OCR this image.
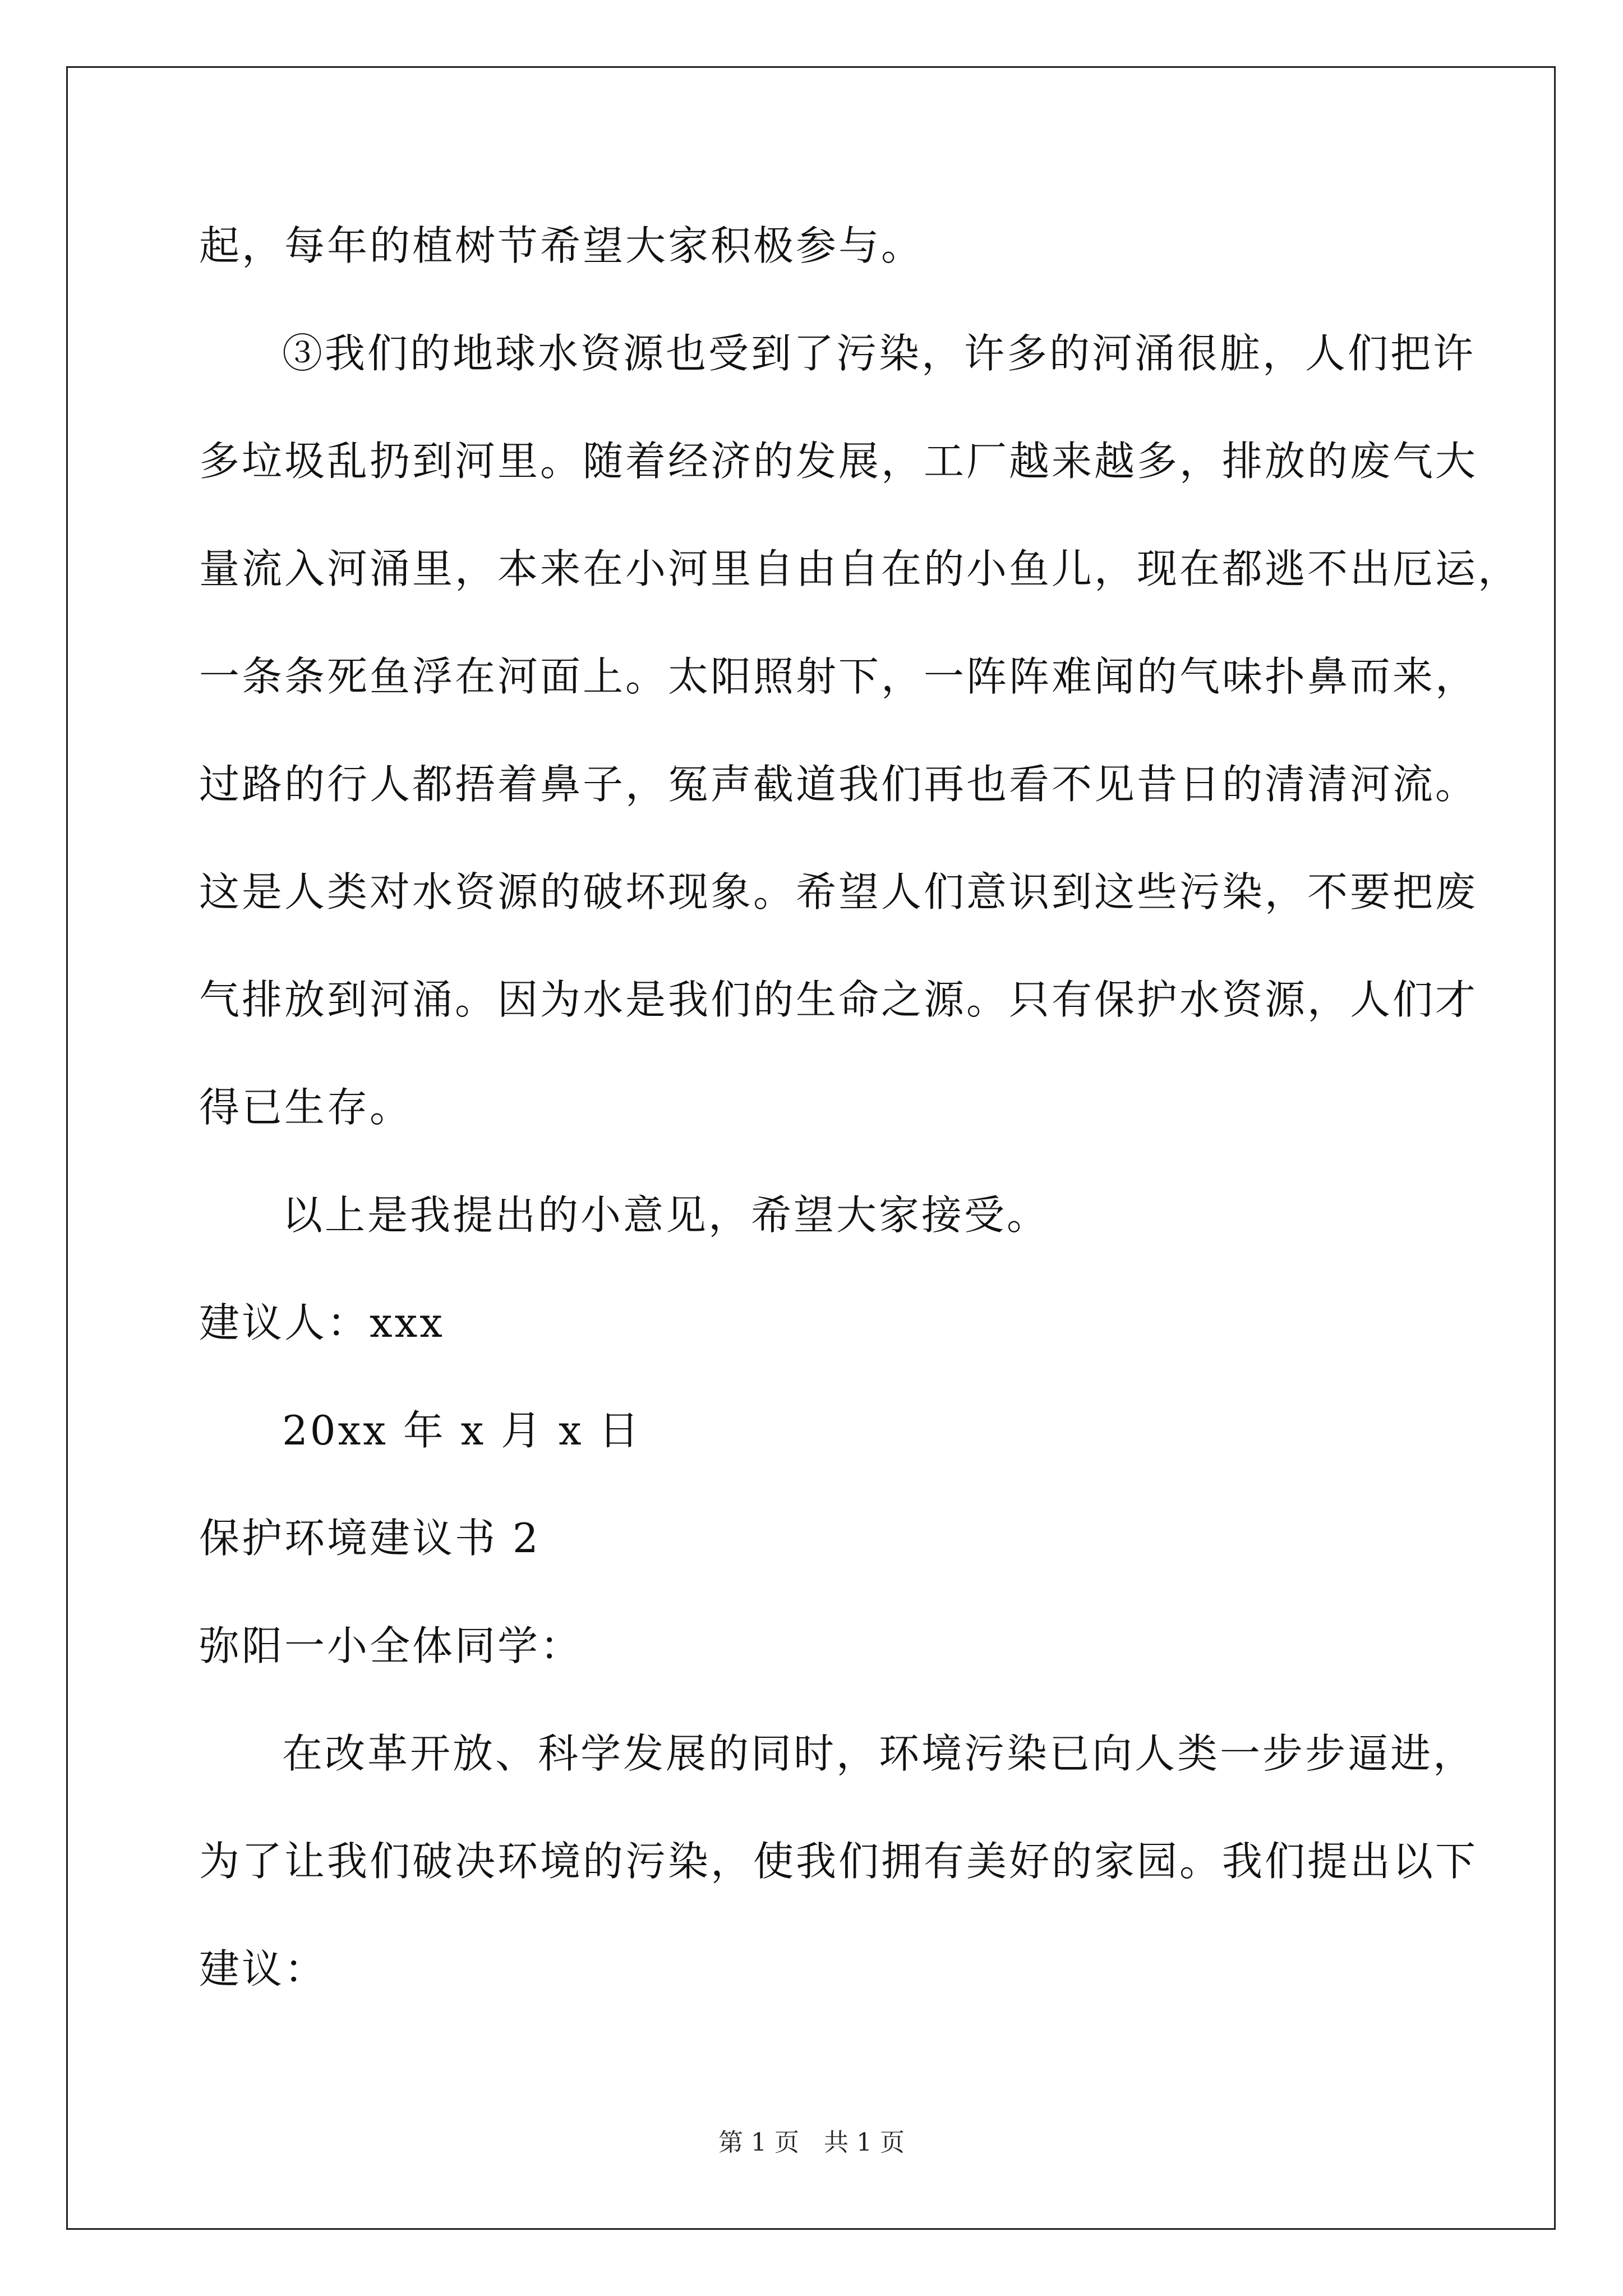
起，每年的植树节希望大家积极参与。
③我们的地球水资源也受到了污染，许多的河涌很脏，人们把许
多垃圾乱扔到河里。随着经济的发展，工厂越来越多，排放的废气大
量流入河涌里，本来在小河里自由自在的小鱼儿，现在都逃不出厄运，
一条条死鱼浮在河面上。太阳照射下，一阵阵难闻的气味扑鼻而来，
过路的行人都捂着鼻子，冤声截道我们再也看不见昔日的清清河流。
这是人类对水资源的破坏现象。希望人们意识到这些污染，不要把废
气排放到河涌。因为水是我们的生命之源。只有保护水资源，人们才
得已生存。
以上是我提出的小意见，希望大家接受。
建议人：xxx
20xx 年 x 月 x 日
保护环境建议书 2
弥阳一小全体同学：
在改革开放、科学发展的同时，环境污染已向人类一步步逼进，
为了让我们破决环境的污染，使我们拥有美好的家园。我们提出以下
建议：
第 1 页　共 1 页
